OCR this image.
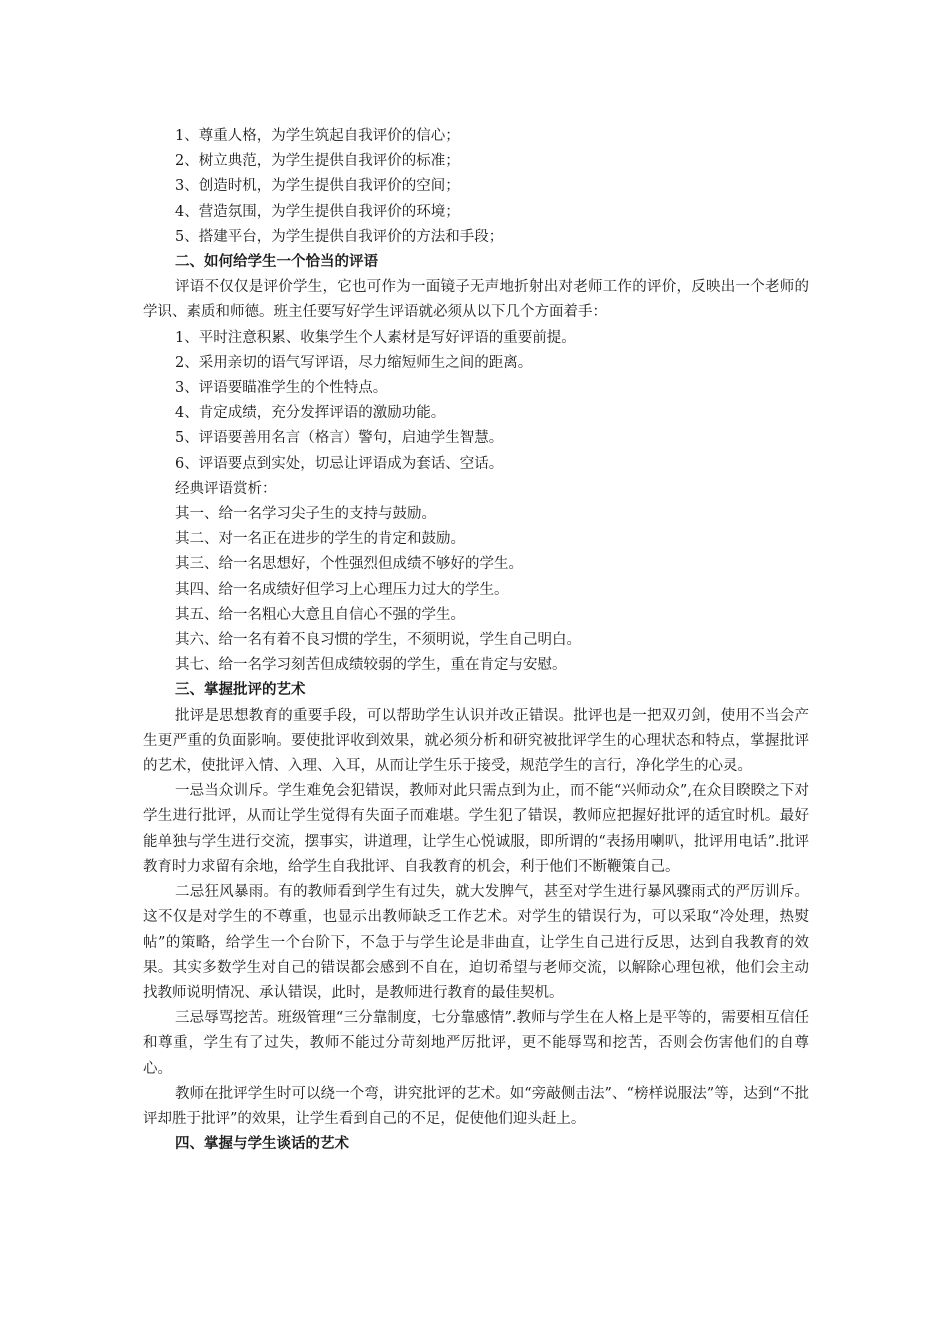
1、尊重人格，为学生筑起自我评价的信心；
2、树立典范，为学生提供自我评价的标准；
3、创造时机，为学生提供自我评价的空间；
4、营造氛围，为学生提供自我评价的环境；
5、搭建平台，为学生提供自我评价的方法和手段；
二、如何给学生一个恰当的评语
评语不仅仅是评价学生，它也可作为一面镜子无声地折射出对老师工作的评价，反映出一个老师的学识、素质和师德。班主任要写好学生评语就必须从以下几个方面着手：
1、平时注意积累、收集学生个人素材是写好评语的重要前提。
2、采用亲切的语气写评语，尽力缩短师生之间的距离。
3、评语要瞄准学生的个性特点。
4、肯定成绩，充分发挥评语的激励功能。
5、评语要善用名言（格言）警句，启迪学生智慧。
6、评语要点到实处，切忌让评语成为套话、空话。
经典评语赏析：
其一、给一名学习尖子生的支持与鼓励。
其二、对一名正在进步的学生的肯定和鼓励。
其三、给一名思想好，个性强烈但成绩不够好的学生。
其四、给一名成绩好但学习上心理压力过大的学生。
其五、给一名粗心大意且自信心不强的学生。
其六、给一名有着不良习惯的学生，不须明说，学生自己明白。
其七、给一名学习刻苦但成绩较弱的学生，重在肯定与安慰。
三、掌握批评的艺术
批评是思想教育的重要手段，可以帮助学生认识并改正错误。批评也是一把双刃剑，使用不当会产生更严重的负面影响。要使批评收到效果，就必须分析和研究被批评学生的心理状态和特点，掌握批评的艺术，使批评入情、入理、入耳，从而让学生乐于接受，规范学生的言行，净化学生的心灵。
一忌当众训斥。学生难免会犯错误，教师对此只需点到为止，而不能“兴师动众”,在众目睽睽之下对学生进行批评，从而让学生觉得有失面子而难堪。学生犯了错误，教师应把握好批评的适宜时机。最好能单独与学生进行交流，摆事实，讲道理，让学生心悦诚服，即所谓的“表扬用喇叭，批评用电话”.批评教育时力求留有余地，给学生自我批评、自我教育的机会，利于他们不断鞭策自己。
二忌狂风暴雨。有的教师看到学生有过失，就大发脾气，甚至对学生进行暴风骤雨式的严厉训斥。这不仅是对学生的不尊重，也显示出教师缺乏工作艺术。对学生的错误行为，可以采取“冷处理，热熨帖”的策略，给学生一个台阶下，不急于与学生论是非曲直，让学生自己进行反思，达到自我教育的效果。其实多数学生对自己的错误都会感到不自在，迫切希望与老师交流，以解除心理包袱，他们会主动找教师说明情况、承认错误，此时，是教师进行教育的最佳契机。
三忌辱骂挖苦。班级管理“三分靠制度，七分靠感情”.教师与学生在人格上是平等的，需要相互信任和尊重，学生有了过失，教师不能过分苛刻地严厉批评，更不能辱骂和挖苦，否则会伤害他们的自尊心。
教师在批评学生时可以绕一个弯，讲究批评的艺术。如“旁敲侧击法”、“榜样说服法”等，达到“不批评却胜于批评”的效果，让学生看到自己的不足，促使他们迎头赶上。
四、掌握与学生谈话的艺术
